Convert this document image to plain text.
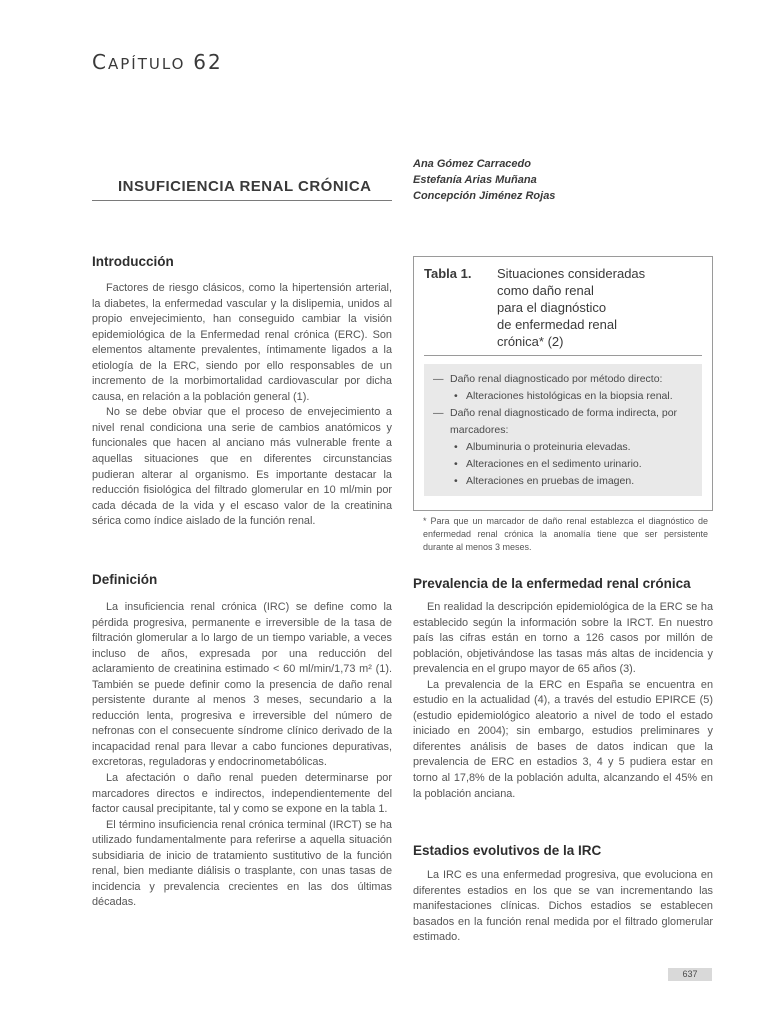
CAPÍTULO 62
INSUFICIENCIA RENAL CRÓNICA
Ana Gómez Carracedo
Estefanía Arias Muñana
Concepción Jiménez Rojas
Introducción

Factores de riesgo clásicos, como la hipertensión arterial, la diabetes, la enfermedad vascular y la dislipemia, unidos al propio envejecimiento, han conseguido cambiar la visión epidemiológica de la Enfermedad renal crónica (ERC). Son elementos altamente prevalentes, íntimamente ligados a la etiología de la ERC, siendo por ello responsables de un incremento de la morbimortalidad cardiovascular por dicha causa, en relación a la población general (1).

No se debe obviar que el proceso de envejecimiento a nivel renal condiciona una serie de cambios anatómicos y funcionales que hacen al anciano más vulnerable frente a aquellas situaciones que en diferentes circunstancias pudieran alterar al organismo. Es importante destacar la reducción fisiológica del filtrado glomerular en 10 ml/min por cada década de la vida y el escaso valor de la creatinina sérica como índice aislado de la función renal.

Definición

La insuficiencia renal crónica (IRC) se define como la pérdida progresiva, permanente e irreversible de la tasa de filtración glomerular a lo largo de un tiempo variable, a veces incluso de años, expresada por una reducción del aclaramiento de creatinina estimado < 60 ml/min/1,73 m² (1). También se puede definir como la presencia de daño renal persistente durante al menos 3 meses, secundario a la reducción lenta, progresiva e irreversible del número de nefronas con el consecuente síndrome clínico derivado de la incapacidad renal para llevar a cabo funciones depurativas, excretoras, reguladoras y endocrinometabólicas.

La afectación o daño renal pueden determinarse por marcadores directos e indirectos, independientemente del factor causal precipitante, tal y como se expone en la tabla 1.

El término insuficiencia renal crónica terminal (IRCT) se ha utilizado fundamentalmente para referirse a aquella situación subsidiaria de inicio de tratamiento sustitutivo de la función renal, bien mediante diálisis o trasplante, con unas tasas de incidencia y prevalencia crecientes en las dos últimas décadas.

Tabla 1. Situaciones consideradas
como daño renal
para el diagnóstico
de enfermedad renal
crónica* (2)
— Daño renal diagnosticado por método directo:
• Alteraciones histológicas en la biopsia renal.
— Daño renal diagnosticado de forma indirecta, por marcadores:
• Albuminuria o proteinuria elevadas.
• Alteraciones en el sedimento urinario.
• Alteraciones en pruebas de imagen.
* Para que un marcador de daño renal establezca el diagnóstico de enfermedad renal crónica la anomalía tiene que ser persistente durante al menos 3 meses.
Prevalencia de la enfermedad renal crónica

En realidad la descripción epidemiológica de la ERC se ha establecido según la información sobre la IRCT. En nuestro país las cifras están en torno a 126 casos por millón de población, objetivándose las tasas más altas de incidencia y prevalencia en el grupo mayor de 65 años (3).

La prevalencia de la ERC en España se encuentra en estudio en la actualidad (4), a través del estudio EPIRCE (5) (estudio epidemiológico aleatorio a nivel de todo el estado iniciado en 2004); sin embargo, estudios preliminares y diferentes análisis de bases de datos indican que la prevalencia de ERC en estadios 3, 4 y 5 pudiera estar en torno al 17,8% de la población adulta, alcanzando el 45% en la población anciana.

Estadios evolutivos de la IRC

La IRC es una enfermedad progresiva, que evoluciona en diferentes estadios en los que se van incrementando las manifestaciones clínicas. Dichos estadios se establecen basados en la función renal medida por el filtrado glomerular estimado.

637
